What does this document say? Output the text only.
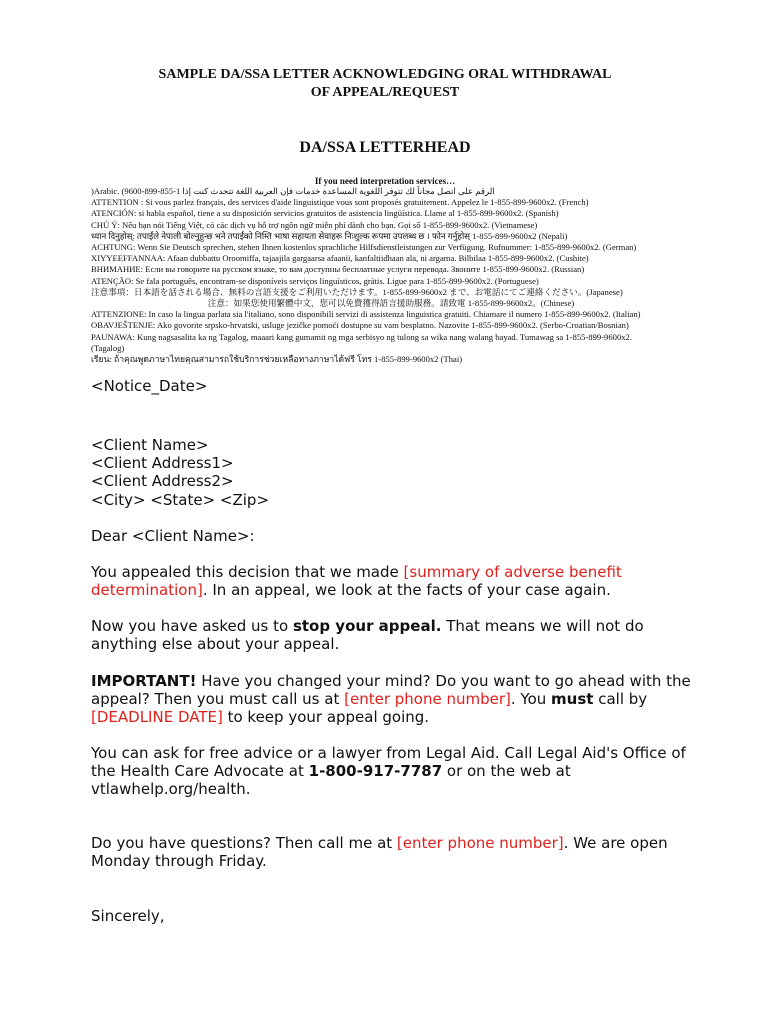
SAMPLE DA/SSA LETTER ACKNOWLEDGING ORAL WITHDRAWAL
OF APPEAL/REQUEST
DA/SSA LETTERHEAD
If you need interpretation services…
)Arabic. (9600-899-855-1 ﺍﻟﺮﻗﻢ ﻋﻠﻰ ﺍﺗﺼﻞ ﻣﺠﺎﻧﺎً ﻟﻚ ﺗﺘﻮﻓﺮ ﺍﻟﻠﻐﻮﻳﺔ ﺍﻟﻤﺴﺎﻋﺪﺓ ﺧﺪﻣﺎﺕ ﻓﺈﻥ ﺍﻟﻌﺮﺑﻴﺔ ﺍﻟﻠﻐﺔ ﺗﺘﺤﺪﺙ ﻛﻨﺖ ﺇﺫﺍ
ATTENTION : Si vous parlez français, des services d'aide linguistique vous sont proposés gratuitement. Appelez le 1-855-899-9600x2. (French)
ATENCIÓN: si habla español, tiene a su disposición servicios gratuitos de asistencia lingüística. Llame al 1-855-899-9600x2. (Spanish)
CHÚ Ý: Nếu bạn nói Tiếng Việt, có các dịch vụ hỗ trợ ngôn ngữ miễn phí dành cho bạn. Gọi số 1-855-899-9600x2. (Vietnamese)
ध्यान दिनुहोस्: तपाईंले नेपाली बोल्नुहुन्छ भने तपाईंको निम्ति भाषा सहायता सेवाहरू निःशुल्क रूपमा उपलब्ध छ । फोन गर्नुहोस् 1-855-899-9600x2 (Nepali)
ACHTUNG: Wenn Sie Deutsch sprechen, stehen Ihnen kostenlos sprachliche Hilfsdienstleistungen zur Verfügung. Rufnummer: 1-855-899-9600x2. (German)
XIYYEEFFANNAA: Afaan dubbattu Oroomiffa, tajaajila gargaarsa afaanii, kanfaltiidhaan ala, ni argama. Bilbilaa 1-855-899-9600x2. (Cushite)
ВНИМАНИЕ: Если вы говорите на русском языке, то вам доступны бесплатные услуги перевода. Звоните 1-855-899-9600x2. (Russian)
ATENÇÃO: Se fala português, encontram-se disponíveis serviços linguísticos, grátis. Ligue para 1-855-899-9600x2. (Portuguese)
注意事項：日本語を話される場合、無料の言語支援をご利用いただけます。1-855-899-9600x2 まで、お電話にてご連絡ください。(Japanese)
注意：如果您使用繁體中文，您可以免費獲得語言援助服務。請致電 1-855-899-9600x2。(Chinese)
ATTENZIONE: In caso la lingua parlata sia l'italiano, sono disponibili servizi di assistenza linguistica gratuiti. Chiamare il numero 1-855-899-9600x2. (Italian)
OBAVJEŠTENJE: Ako govorite srpsko-hrvatski, usluge jezičke pomoći dostupne su vam besplatno. Nazovite 1-855-899-9600x2. (Serbo-Croatian/Bosnian)
PAUNAWA: Kung nagsasalita ka ng Tagalog, maaari kang gumamit ng mga serbisyo ng tulong sa wika nang walang bayad. Tumawag sa 1-855-899-9600x2.
(Tagalog)
เรียน: ถ้าคุณพูดภาษาไทยคุณสามารถใช้บริการช่วยเหลือทางภาษาได้ฟรี โทร 1-855-899-9600x2 (Thai)
<Notice_Date>
<Client Name>
<Client Address1>
<Client Address2>
<City> <State> <Zip>
Dear <Client Name>:
You appealed this decision that we made [summary of adverse benefit determination]. In an appeal, we look at the facts of your case again.
Now you have asked us to stop your appeal. That means we will not do anything else about your appeal.
IMPORTANT! Have you changed your mind? Do you want to go ahead with the appeal? Then you must call us at [enter phone number]. You must call by [DEADLINE DATE] to keep your appeal going.
You can ask for free advice or a lawyer from Legal Aid. Call Legal Aid's Office of the Health Care Advocate at 1-800-917-7787 or on the web at vtlawhelp.org/health.
Do you have questions? Then call me at [enter phone number]. We are open Monday through Friday.
Sincerely,
